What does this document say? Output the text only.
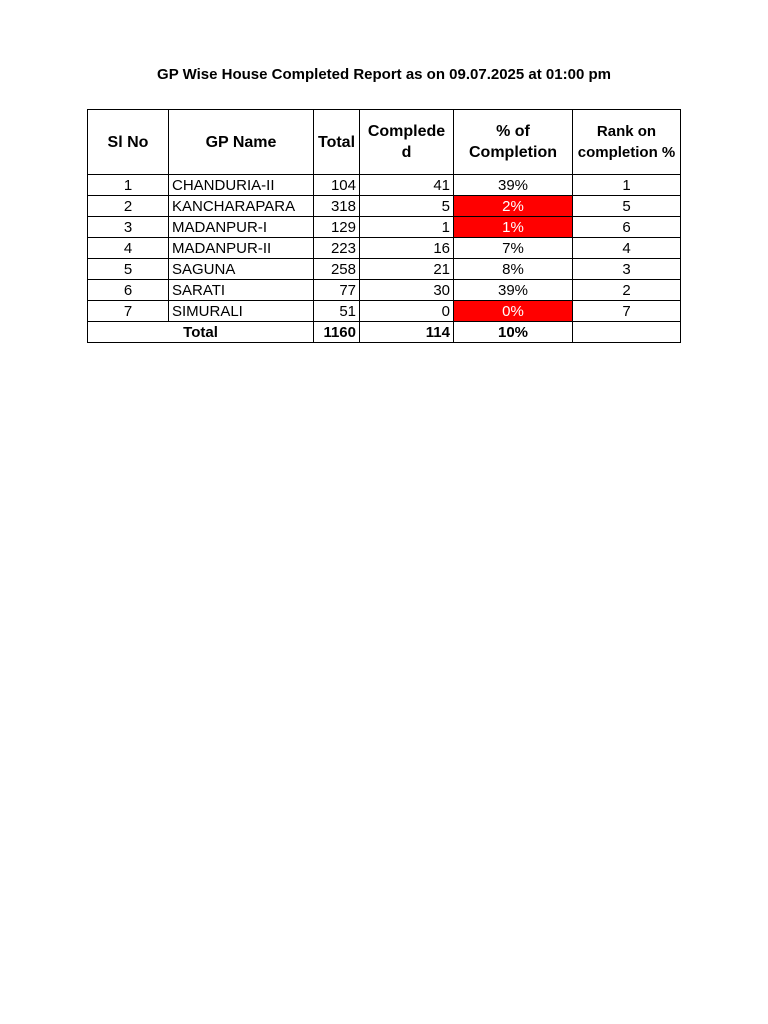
GP Wise House Completed Report as on 09.07.2025 at 01:00 pm
Sl No	GP Name	Total	Complede d	% of Completion	Rank on completion %
1	CHANDURIA-II	104	41	39%	1
2	KANCHARAPARA	318	5	2%	5
3	MADANPUR-I	129	1	1%	6
4	MADANPUR-II	223	16	7%	4
5	SAGUNA	258	21	8%	3
6	SARATI	77	30	39%	2
7	SIMURALI	51	0	0%	7
Total		1160	114	10%	
